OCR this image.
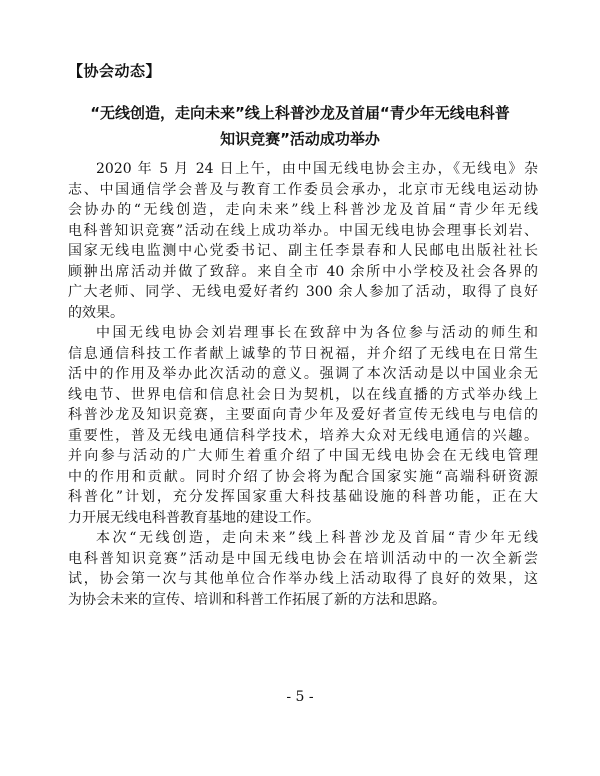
【协会动态】
“无线创造，走向未来”线上科普沙龙及首届“青少年无线电科普
知识竞赛”活动成功举办
2020 年 5 月 24 日上午，由中国无线电协会主办，《无线电》杂
志、中国通信学会普及与教育工作委员会承办，北京市无线电运动协
会协办的“无线创造，走向未来”线上科普沙龙及首届“青少年无线
电科普知识竞赛”活动在线上成功举办。中国无线电协会理事长刘岩、
国家无线电监测中心党委书记、副主任李景春和人民邮电出版社社长
顾翀出席活动并做了致辞。来自全市 40 余所中小学校及社会各界的
广大老师、同学、无线电爱好者约 300 余人参加了活动，取得了良好
的效果。
中国无线电协会刘岩理事长在致辞中为各位参与活动的师生和
信息通信科技工作者献上诚挚的节日祝福，并介绍了无线电在日常生
活中的作用及举办此次活动的意义。强调了本次活动是以中国业余无
线电节、世界电信和信息社会日为契机，以在线直播的方式举办线上
科普沙龙及知识竞赛，主要面向青少年及爱好者宣传无线电与电信的
重要性，普及无线电通信科学技术，培养大众对无线电通信的兴趣。
并向参与活动的广大师生着重介绍了中国无线电协会在无线电管理
中的作用和贡献。同时介绍了协会将为配合国家实施“高端科研资源
科普化”计划，充分发挥国家重大科技基础设施的科普功能，正在大
力开展无线电科普教育基地的建设工作。
本次“无线创造，走向未来”线上科普沙龙及首届“青少年无线
电科普知识竞赛”活动是中国无线电协会在培训活动中的一次全新尝
试，协会第一次与其他单位合作举办线上活动取得了良好的效果，这
为协会未来的宣传、培训和科普工作拓展了新的方法和思路。
- 5 -
